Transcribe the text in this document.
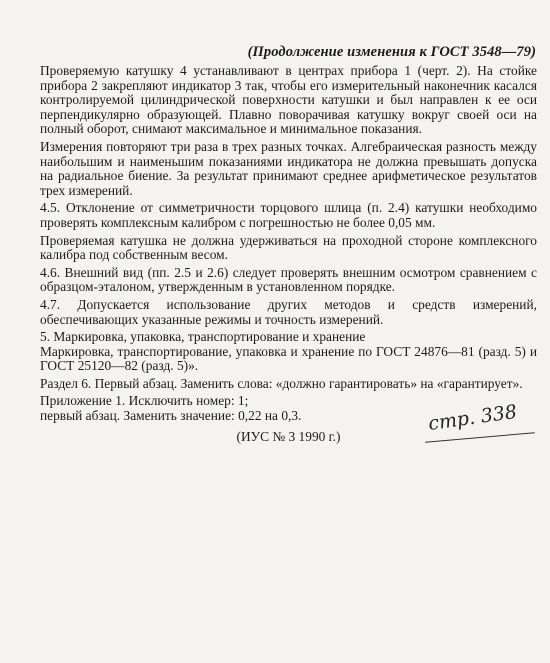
(Продолжение изменения к ГОСТ 3548—79)

Проверяемую катушку 4 устанавливают в центрах прибора 1 (черт. 2). На стойке прибора 2 закрепляют индикатор 3 так, чтобы его измерительный наконечник касался контролируемой цилиндрической поверхности катушки и был направлен к ее оси перпендикулярно образующей. Плавно поворачивая катушку вокруг своей оси на полный оборот, снимают максимальное и минимальное показания.

Измерения повторяют три раза в трех разных точках. Алгебраическая разность между наибольшим и наименьшим показаниями индикатора не должна превышать допуска на радиальное биение. За результат принимают среднее арифметическое результатов трех измерений.

4.5. Отклонение от симметричности торцового шлица (п. 2.4) катушки необходимо проверять комплексным калибром с погрешностью не более 0,05 мм.

Проверяемая катушка не должна удерживаться на проходной стороне комплексного калибра под собственным весом.

4.6. Внешний вид (пп. 2.5 и 2.6) следует проверять внешним осмотром сравнением с образцом-эталоном, утвержденным в установленном порядке.

4.7. Допускается использование других методов и средств измерений, обеспечивающих указанные режимы и точность измерений.

5. Маркировка, упаковка, транспортирование и хранение

Маркировка, транспортирование, упаковка и хранение по ГОСТ 24876—81 (разд. 5) и ГОСТ 25120—82 (разд. 5)».

Раздел 6. Первый абзац. Заменить слова: «должно гарантировать» на «гарантирует».

Приложение 1. Исключить номер: 1;

первый абзац. Заменить значение: 0,22 на 0,3.

(ИУС № 3 1990 г.)

стр. 338
